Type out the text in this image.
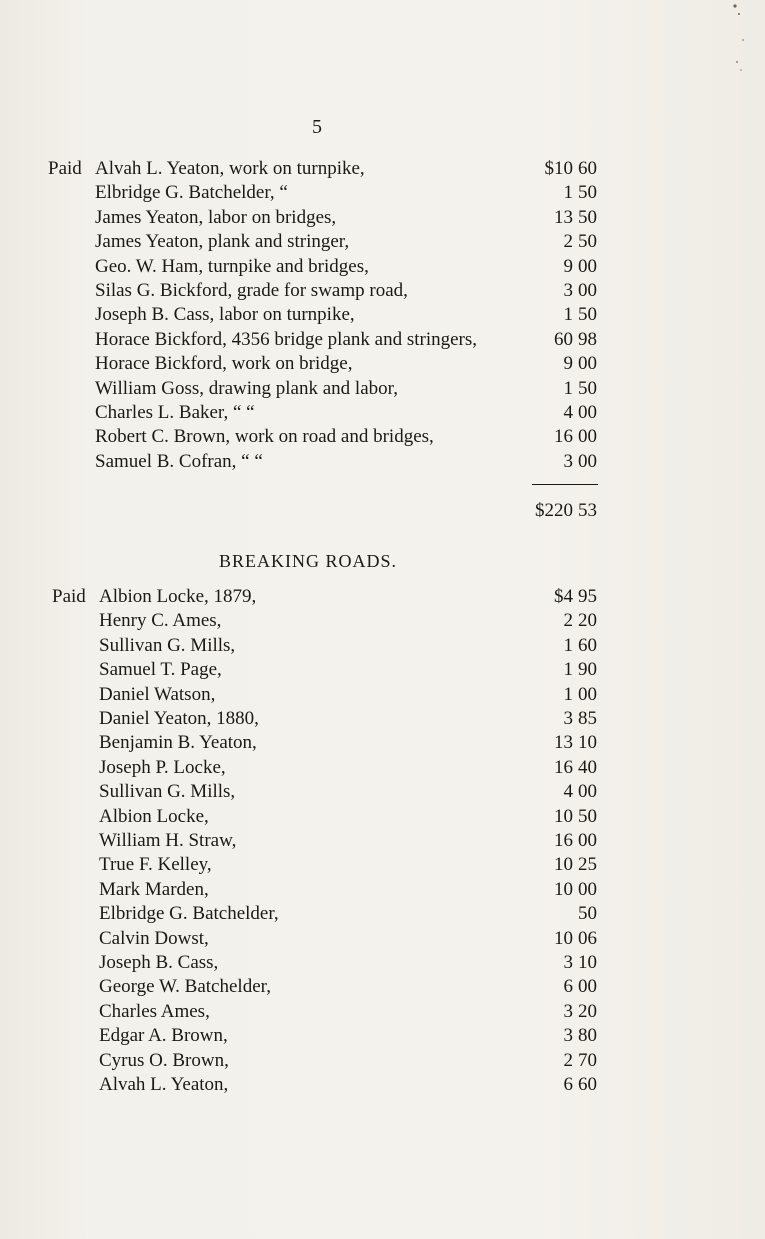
5
Paid Alvah L. Yeaton, work on turnpike,	$10 60
Elbridge G. Batchelder, “	1 50
James Yeaton, labor on bridges,	13 50
James Yeaton, plank and stringer,	2 50
Geo. W. Ham, turnpike and bridges,	9 00
Silas G. Bickford, grade for swamp road,	3 00
Joseph B. Cass, labor on turnpike,	1 50
Horace Bickford, 4356 bridge plank and stringers,	60 98
Horace Bickford, work on bridge,	9 00
William Goss, drawing plank and labor,	1 50
Charles L. Baker, “ “	4 00
Robert C. Brown, work on road and bridges,	16 00
Samuel B. Cofran, “ “	3 00
$220 53
BREAKING ROADS.
Paid Albion Locke, 1879,	$4 95
Henry C. Ames,	2 20
Sullivan G. Mills,	1 60
Samuel T. Page,	1 90
Daniel Watson,	1 00
Daniel Yeaton, 1880,	3 85
Benjamin B. Yeaton,	13 10
Joseph P. Locke,	16 40
Sullivan G. Mills,	4 00
Albion Locke,	10 50
William H. Straw,	16 00
True F. Kelley,	10 25
Mark Marden,	10 00
Elbridge G. Batchelder,	50
Calvin Dowst,	10 06
Joseph B. Cass,	3 10
George W. Batchelder,	6 00
Charles Ames,	3 20
Edgar A. Brown,	3 80
Cyrus O. Brown,	2 70
Alvah L. Yeaton,	6 60
